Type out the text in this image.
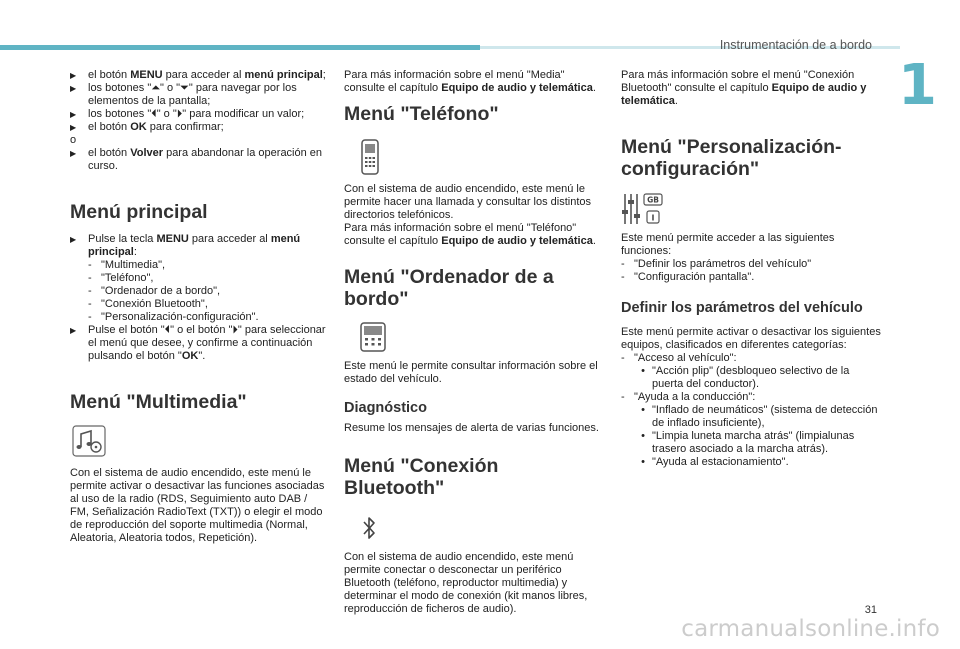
Instrumentación de a bordo
1
▶	el botón MENU para acceder al menú principal;
▶	los botones "⏶" o "⏷" para navegar por los elementos de la pantalla;
▶	los botones "⏴" o "⏵" para modificar un valor;
▶	el botón OK para confirmar;

o

▶	el botón Volver para abandonar la operación en curso.
Menú principal
▶	Pulse la tecla MENU para acceder al menú principal:
- "Multimedia",
- "Teléfono",
- "Ordenador de a bordo",
- "Conexión Bluetooth",
- "Personalización-configuración".
▶	Pulse el botón "⏴" o el botón "⏵" para seleccionar el menú que desee, y confirme a continuación pulsando el botón "OK".
Menú "Multimedia"

Con el sistema de audio encendido, este menú le permite activar o desactivar las funciones asociadas al uso de la radio (RDS, Seguimiento auto DAB / FM, Señalización RadioText (TXT)) o elegir el modo de reproducción del soporte multimedia (Normal, Aleatoria, Aleatoria todos, Repetición).

Para más información sobre el menú "Media" consulte el capítulo Equipo de audio y telemática.

Menú "Teléfono"

Con el sistema de audio encendido, este menú le permite hacer una llamada y consultar los distintos directorios telefónicos.

Para más información sobre el menú "Teléfono" consulte el capítulo Equipo de audio y telemática.

Menú "Ordenador de a bordo"

Este menú le permite consultar información sobre el estado del vehículo.

Diagnóstico

Resume los mensajes de alerta de varias funciones.

Menú "Conexión Bluetooth"

Con el sistema de audio encendido, este menú permite conectar o desconectar un periférico Bluetooth (teléfono, reproductor multimedia) y determinar el modo de conexión (kit manos libres, reproducción de ficheros de audio).

Para más información sobre el menú "Conexión Bluetooth" consulte el capítulo Equipo de audio y telemática.

Menú "Personalización-configuración"
GB
I

Este menú permite acceder a las siguientes funciones:

- "Definir los parámetros del vehículo"
- "Configuración pantalla".
Definir los parámetros del vehículo

Este menú permite activar o desactivar los siguientes equipos, clasificados en diferentes categorías:

- "Acceso al vehículo":
• "Acción plip" (desbloqueo selectivo de la puerta del conductor).
- "Ayuda a la conducción":
• "Inflado de neumáticos" (sistema de detección de inflado insuficiente),
• "Limpia luneta marcha atrás" (limpialunas trasero asociado a la marcha atrás).
• "Ayuda al estacionamiento".
31
carmanualsonline.info
